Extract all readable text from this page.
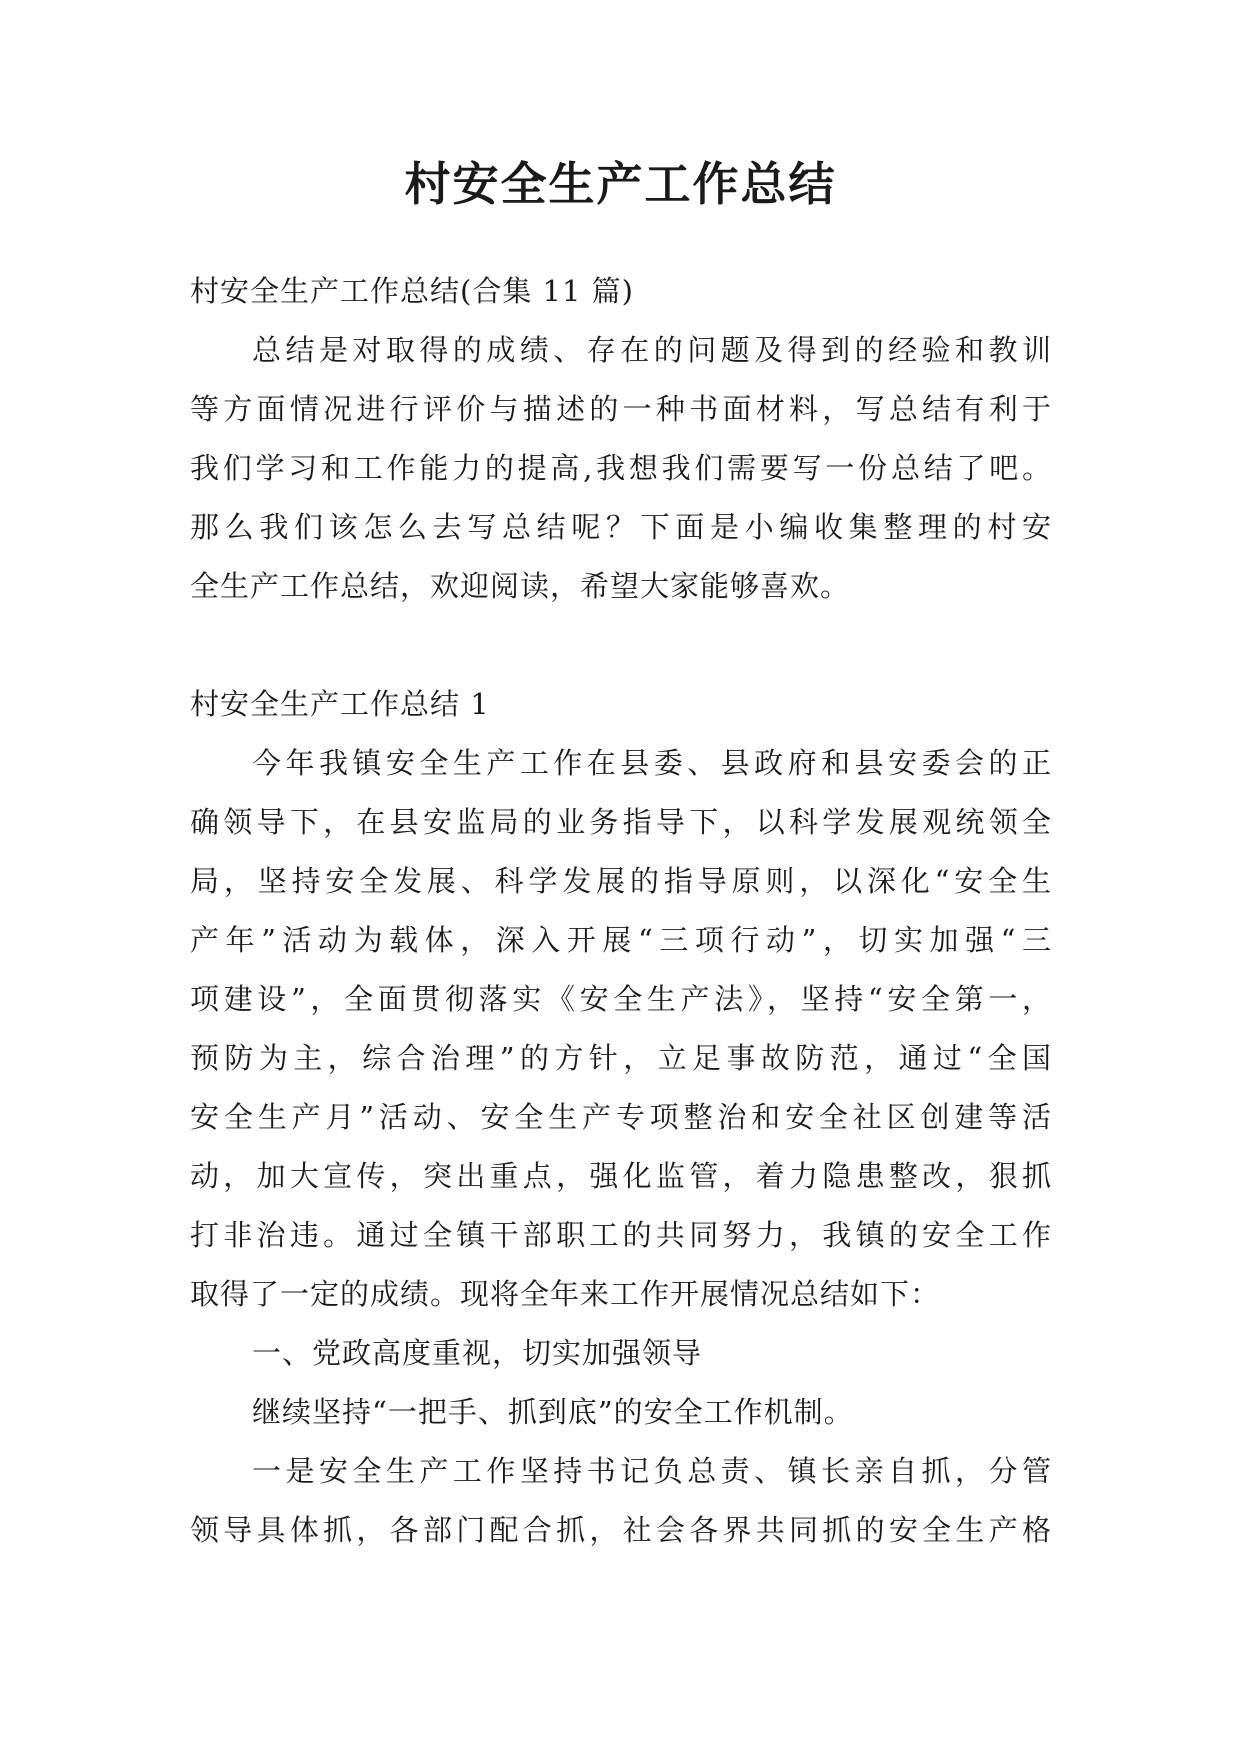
村安全生产工作总结
村安全生产工作总结(合集 11 篇)
总结是对取得的成绩、存在的问题及得到的经验和教训
等方面情况进行评价与描述的一种书面材料，写总结有利于
我们学习和工作能力的提高,我想我们需要写一份总结了吧。
那么我们该怎么去写总结呢？下面是小编收集整理的村安
全生产工作总结，欢迎阅读，希望大家能够喜欢。
村安全生产工作总结 1
今年我镇安全生产工作在县委、县政府和县安委会的正
确领导下，在县安监局的业务指导下，以科学发展观统领全
局，坚持安全发展、科学发展的指导原则，以深化“安全生
产年”活动为载体，深入开展“三项行动”，切实加强“三
项建设”，全面贯彻落实《安全生产法》，坚持“安全第一，
预防为主，综合治理”的方针，立足事故防范，通过“全国
安全生产月”活动、安全生产专项整治和安全社区创建等活
动，加大宣传，突出重点，强化监管，着力隐患整改，狠抓
打非治违。通过全镇干部职工的共同努力，我镇的安全工作
取得了一定的成绩。现将全年来工作开展情况总结如下：
一、党政高度重视，切实加强领导
继续坚持“一把手、抓到底”的安全工作机制。
一是安全生产工作坚持书记负总责、镇长亲自抓，分管
领导具体抓，各部门配合抓，社会各界共同抓的安全生产格
